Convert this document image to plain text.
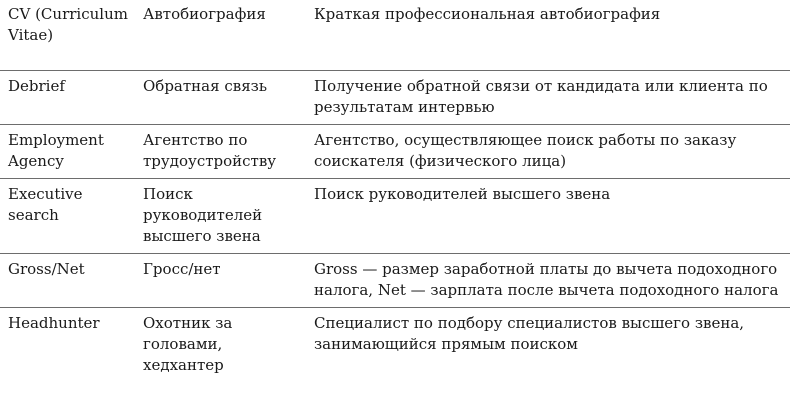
CV (Curriculum Vitae)	Автобиография	Краткая профессиональная автобиография
Debrief	Обратная связь	Получение обратной связи от кандидата или клиента по результатам интервью
Employment Agency	Агентство по трудоустройству	Агентство, осуществляющее поиск работы по заказу соискателя (физического лица)
Executive search	Поиск руководителей высшего звена	Поиск руководителей высшего звена
Gross/Net	Гросс/нет	Gross — размер заработной платы до вычета подоходного налога, Net — зарплата после вычета подоходного налога
Headhunter	Охотник за головами, хедхантер	Специалист по подбору специалистов высшего звена, занимающийся прямым поиском
